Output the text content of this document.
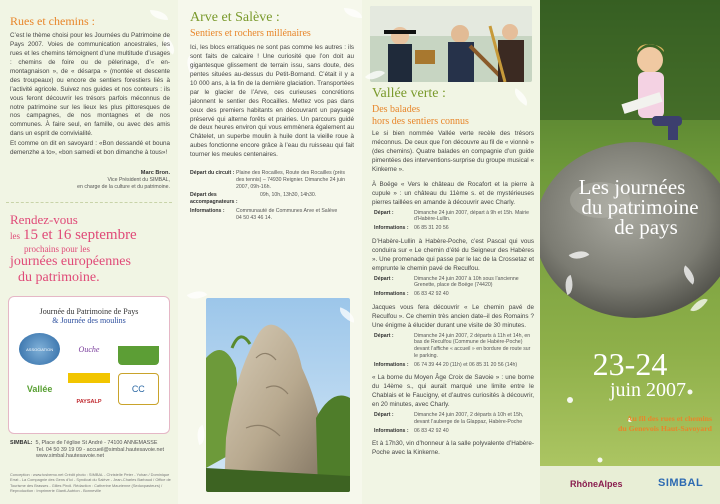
Rues et chemins :

C’est le thème choisi pour les Journées du Patrimoine de Pays 2007. Voies de communication ancestrales, les rues et les chemins témoignent d’une multitude d’usages : chemins de foire ou de pèlerinage, d’« en-montagnaison », de « désarpa » (montée et descente des troupeaux) ou encore de sentiers forestiers liés à l’activité agricole. Suivez nos guides et nos conteurs : ils vous feront découvrir les trésors parfois méconnus de notre patrimoine sur les lieux les plus pittoresques de nos campagnes, de nos montagnes et de nos communes. À faire seul, en famille, ou avec des amis dans un esprit de convivialité.

Et comme on dit en savoyard : «Bon dessandé et bouna demenzhe a to», «bon samedi et bon dimanche à tous»!

Marc Bron.

Vice Président du SIMBAL,
en charge de la culture et du patrimoine.

Rendez-vous
les 15 et 16 septembre
prochains pour les
journées européennes
du patrimoine.
Journée du Patrimoine de Pays
& Journée des moulins
ASSOCIATION	Ouche
Vallée
PAYSALP
CC
SIMBAL: 5, Place de l’église St André - 74100 ANNEMASSE
Tel. 04 50 39 19 09 - accueil@simbal.hautesavoie.net
www.simbal.hautesavoie.net

Conception : www.tcsbemo.net Crédit photo : SIMBAL - Christelle Peter - Yohan / Dominique Errat - La Compagnie des Gens d’Ici - Syndicat du Salève - Jean-Charles Barbaud / Office de Tourisme des Brasses - Gilles Piroli. Rédaction : Catherine Maurienne (Seduxpasteurs) / Reproduction : Imprimerie Gianti-Autrion - Bonneville

Arve et Salève :
Sentiers et rochers millénaires

Ici, les blocs erratiques ne sont pas comme les autres : ils sont faits de calcaire ! Une curiosité que l’on doit au gigantesque glissement de terrain issu, sans doute, des pentes situées au-dessus du Petit-Bornand. C’était il y a 10 000 ans, à la fin de la dernière glaciation. Transportées par le glacier de l’Arve, ces curieuses concrétions jalonnent le sentier des Rocailles. Mettez vos pas dans ceux des premiers habitants en découvrant un paysage préservé qui alterne forêts et prairies. Un parcours guidé de deux heures environ qui vous emmènera également au Châtelet, un superbe moulin à huile dont la vieille roue à aubes fonctionne encore grâce à l’eau du ruisseau qui fait tourner les meules centenaires.

Départ du circuit : Plaine des Rocailles, Route des Rocailles (près des tennis) – 74930 Reignier. Dimanche 24 juin 2007, 09h-16h.
Départ des accompagnateurs :
09h, 10h, 13h30, 14h30.
Informations :	Communauté de Communes Arve et Salève
04 50 43 46 14.
Vallée verte :
Des balades
hors des sentiers connus

Le si bien nommée Vallée verte recèle des trésors méconnus. De ceux que l’on découvre au fil de « vionnè » (des chemins). Quatre balades en compagnie d’un guide pimentées des interventions-surprise du groupe musical « Kinkerne ».

À Boëge « Vers le château de Rocafort et la pierre à cupule » : un château du 11ème s. et de mystérieuses pierres taillées en amande à découvrir avec Charly.

Départ :	Dimanche 24 juin 2007, départ à 9h et 15h. Mairie d’Habère-Lullin.
Informations :	06 85 31 20 56

D’Habère-Lullin à Habère-Poche, c’est Pascal qui vous conduira sur « Le chemin d’été du Seigneur des Habères ». Une promenade qui passe par le lac de la Crossetaz et emprunte le chemin pavé de Reculfou.

Départ :	Dimanche 24 juin 2007 à 10h sous l’ancienne Grenette, place de Boëge (74420)
Informations :	06 83 42 92 40

Jacques vous fera découvrir « Le chemin pavé de Reculfou ». Ce chemin très ancien date–il des Romains ? Une énigme à élucider durant une visite de 30 minutes.

Départ :	Dimanche 24 juin 2007, 2 départs à 11h et 14h, en bas de Reculfou (Commune de Habère-Poche) devant l’affiche « accueil » en bordure de route sur le parking.
Informations :	06 74 39 44 20 (11h) et 06 85 31 20 56 (14h)

« La borne du Moyen Âge Croix de Savoie » : une borne du 14ème s., qui aurait marqué une limite entre le Chablais et le Faucigny, et d’autres curiosités à découvrir, en 20 minutes, avec Charly.

Départ :	Dimanche 24 juin 2007, 2 départs à 10h et 15h, devant l’auberge de la Glappaz, Habère-Poche
Informations :	06 83 42 92 40

Et à 17h30, vin d’honneur à la salle polyvalente d’Habère-Poche avec la Kinkerne.

Les journées
du patrimoine
de pays
23-24
juin 2007
Au fil des rues et chemins
du Genevois Haut-Savoyard
RhôneAlpes	SIMBAL
